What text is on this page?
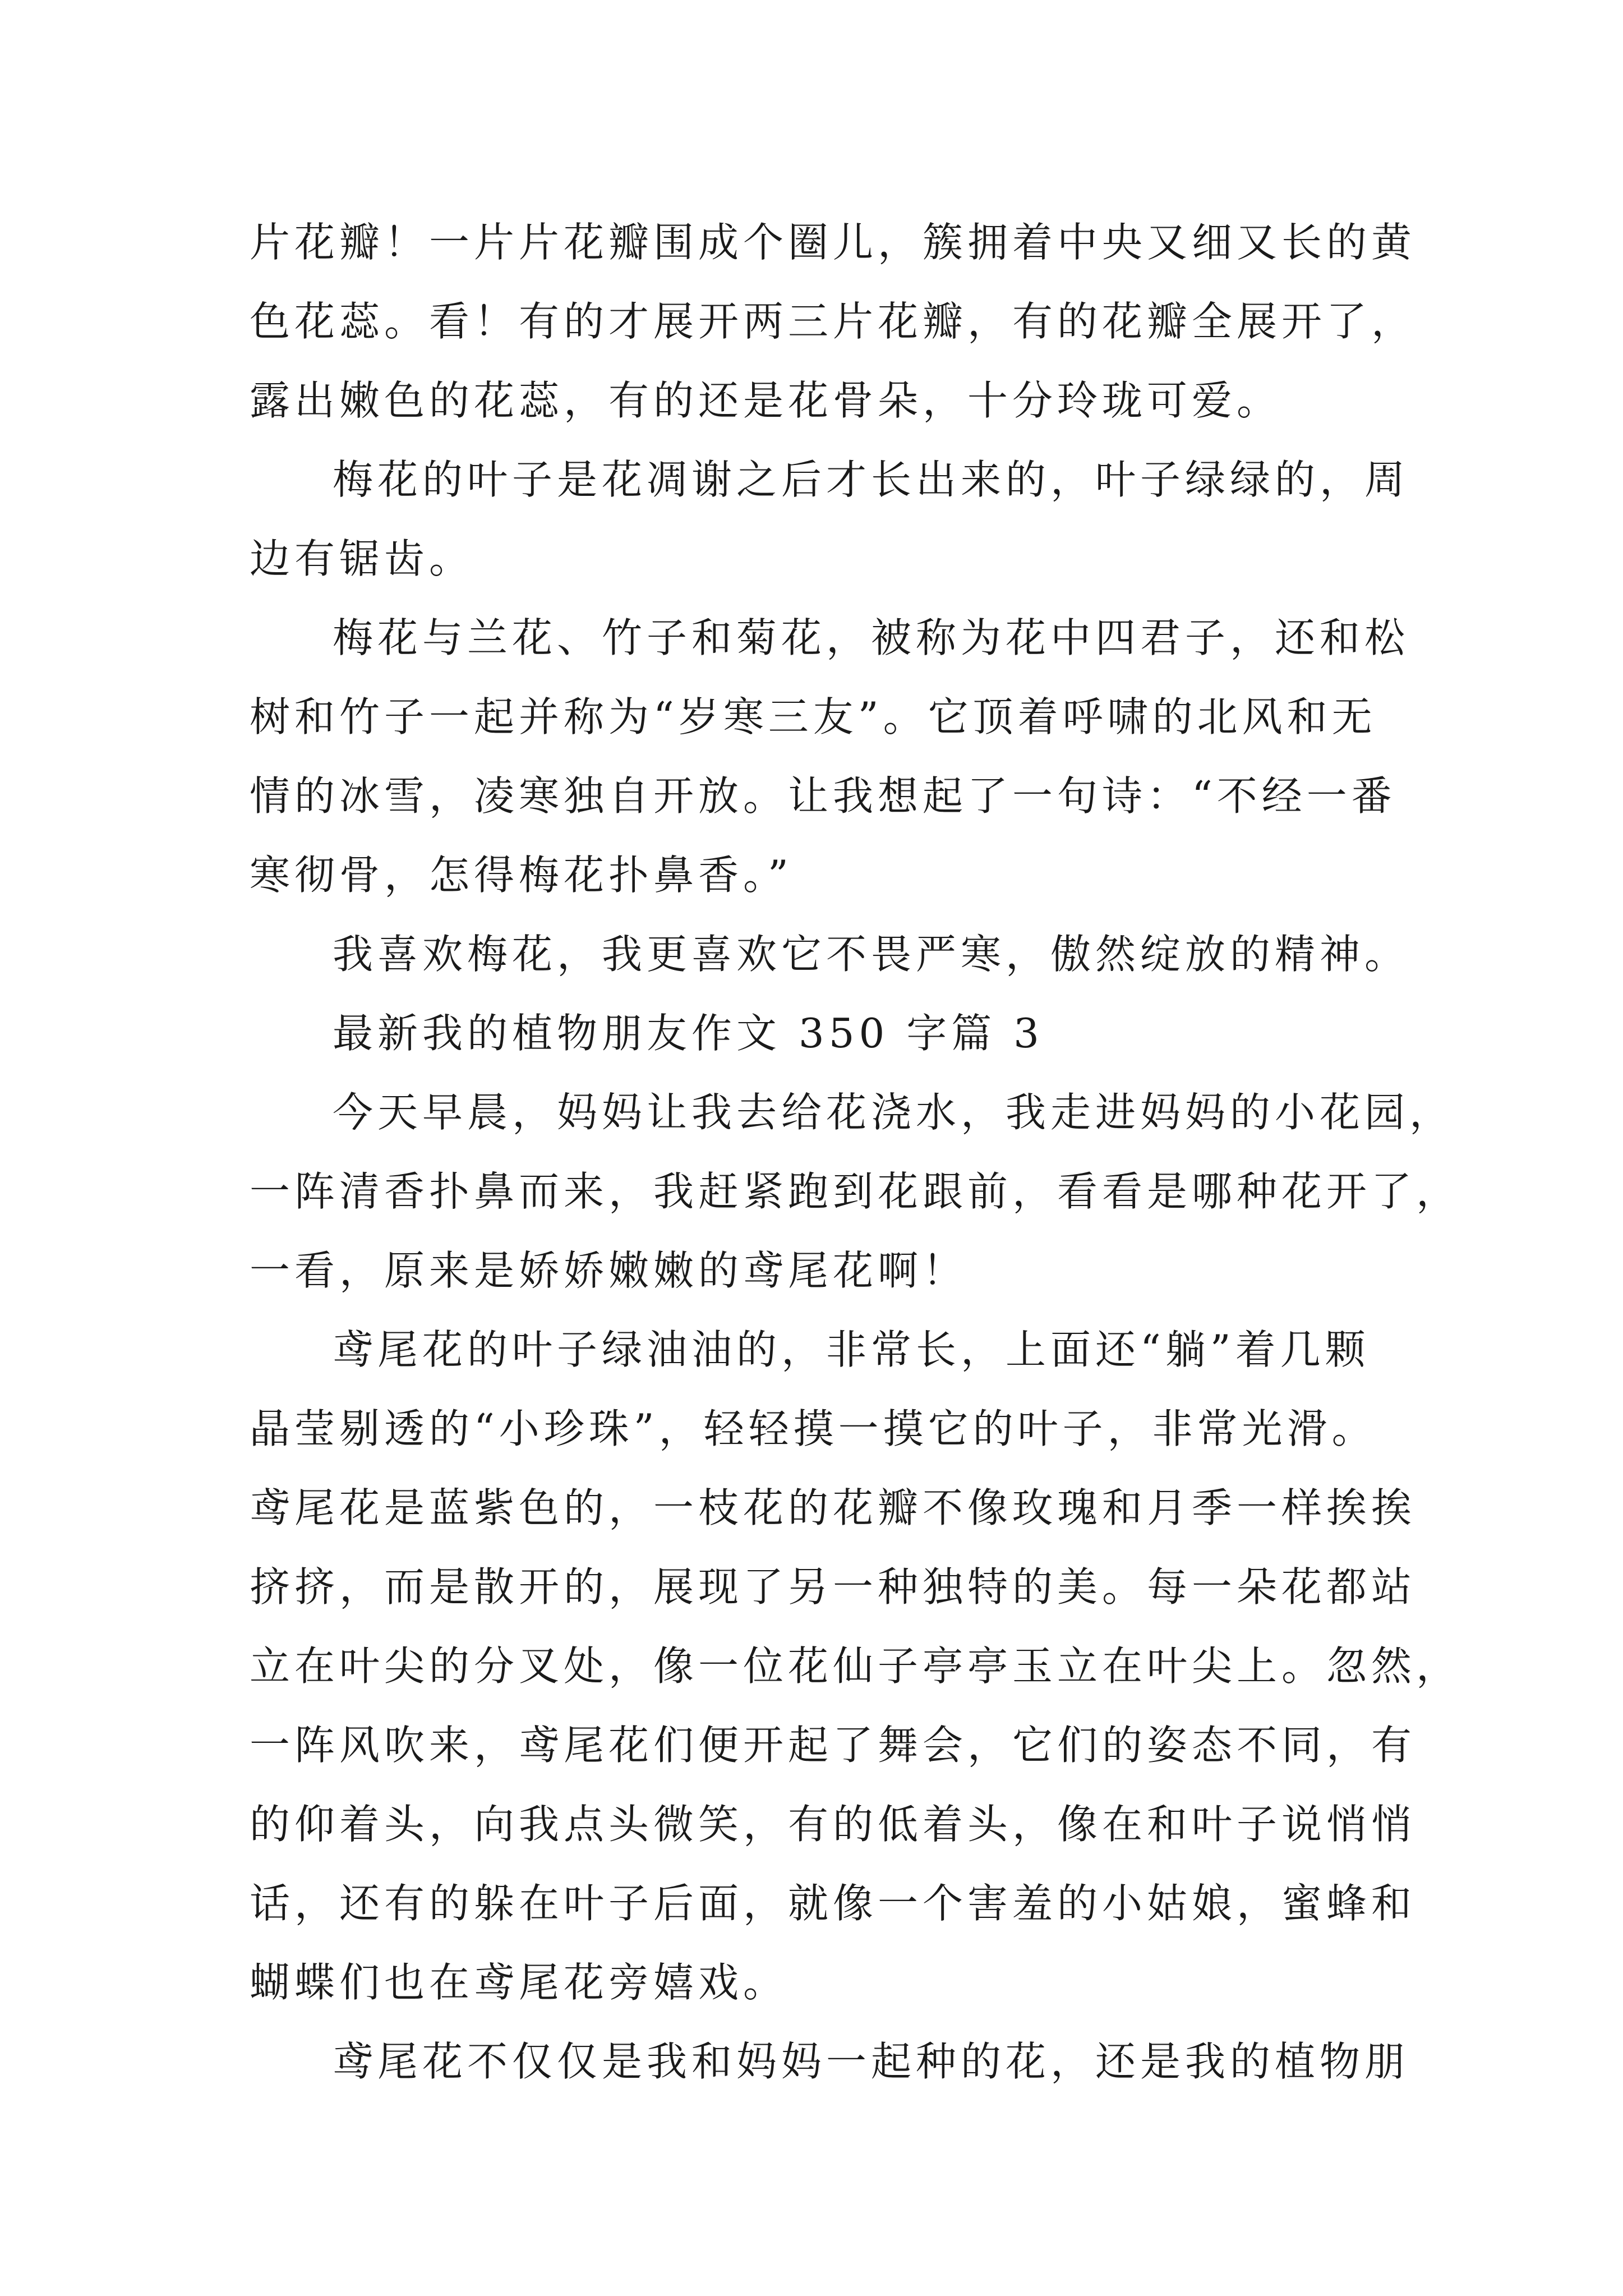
片花瓣！一片片花瓣围成个圈儿，簇拥着中央又细又长的黄

色花蕊。看！有的才展开两三片花瓣，有的花瓣全展开了，

露出嫩色的花蕊，有的还是花骨朵，十分玲珑可爱。

梅花的叶子是花凋谢之后才长出来的，叶子绿绿的，周

边有锯齿。

梅花与兰花、竹子和菊花，被称为花中四君子，还和松

树和竹子一起并称为“岁寒三友”。它顶着呼啸的北风和无

情的冰雪，凌寒独自开放。让我想起了一句诗：“不经一番

寒彻骨，怎得梅花扑鼻香。”

我喜欢梅花，我更喜欢它不畏严寒，傲然绽放的精神。

最新我的植物朋友作文 350 字篇 3

今天早晨，妈妈让我去给花浇水，我走进妈妈的小花园，

一阵清香扑鼻而来，我赶紧跑到花跟前，看看是哪种花开了，

一看，原来是娇娇嫩嫩的鸢尾花啊！

鸢尾花的叶子绿油油的，非常长，上面还“躺”着几颗

晶莹剔透的“小珍珠”，轻轻摸一摸它的叶子，非常光滑。

鸢尾花是蓝紫色的，一枝花的花瓣不像玫瑰和月季一样挨挨

挤挤，而是散开的，展现了另一种独特的美。每一朵花都站

立在叶尖的分叉处，像一位花仙子亭亭玉立在叶尖上。忽然，

一阵风吹来，鸢尾花们便开起了舞会，它们的姿态不同，有

的仰着头，向我点头微笑，有的低着头，像在和叶子说悄悄

话，还有的躲在叶子后面，就像一个害羞的小姑娘，蜜蜂和

蝴蝶们也在鸢尾花旁嬉戏。

鸢尾花不仅仅是我和妈妈一起种的花，还是我的植物朋
